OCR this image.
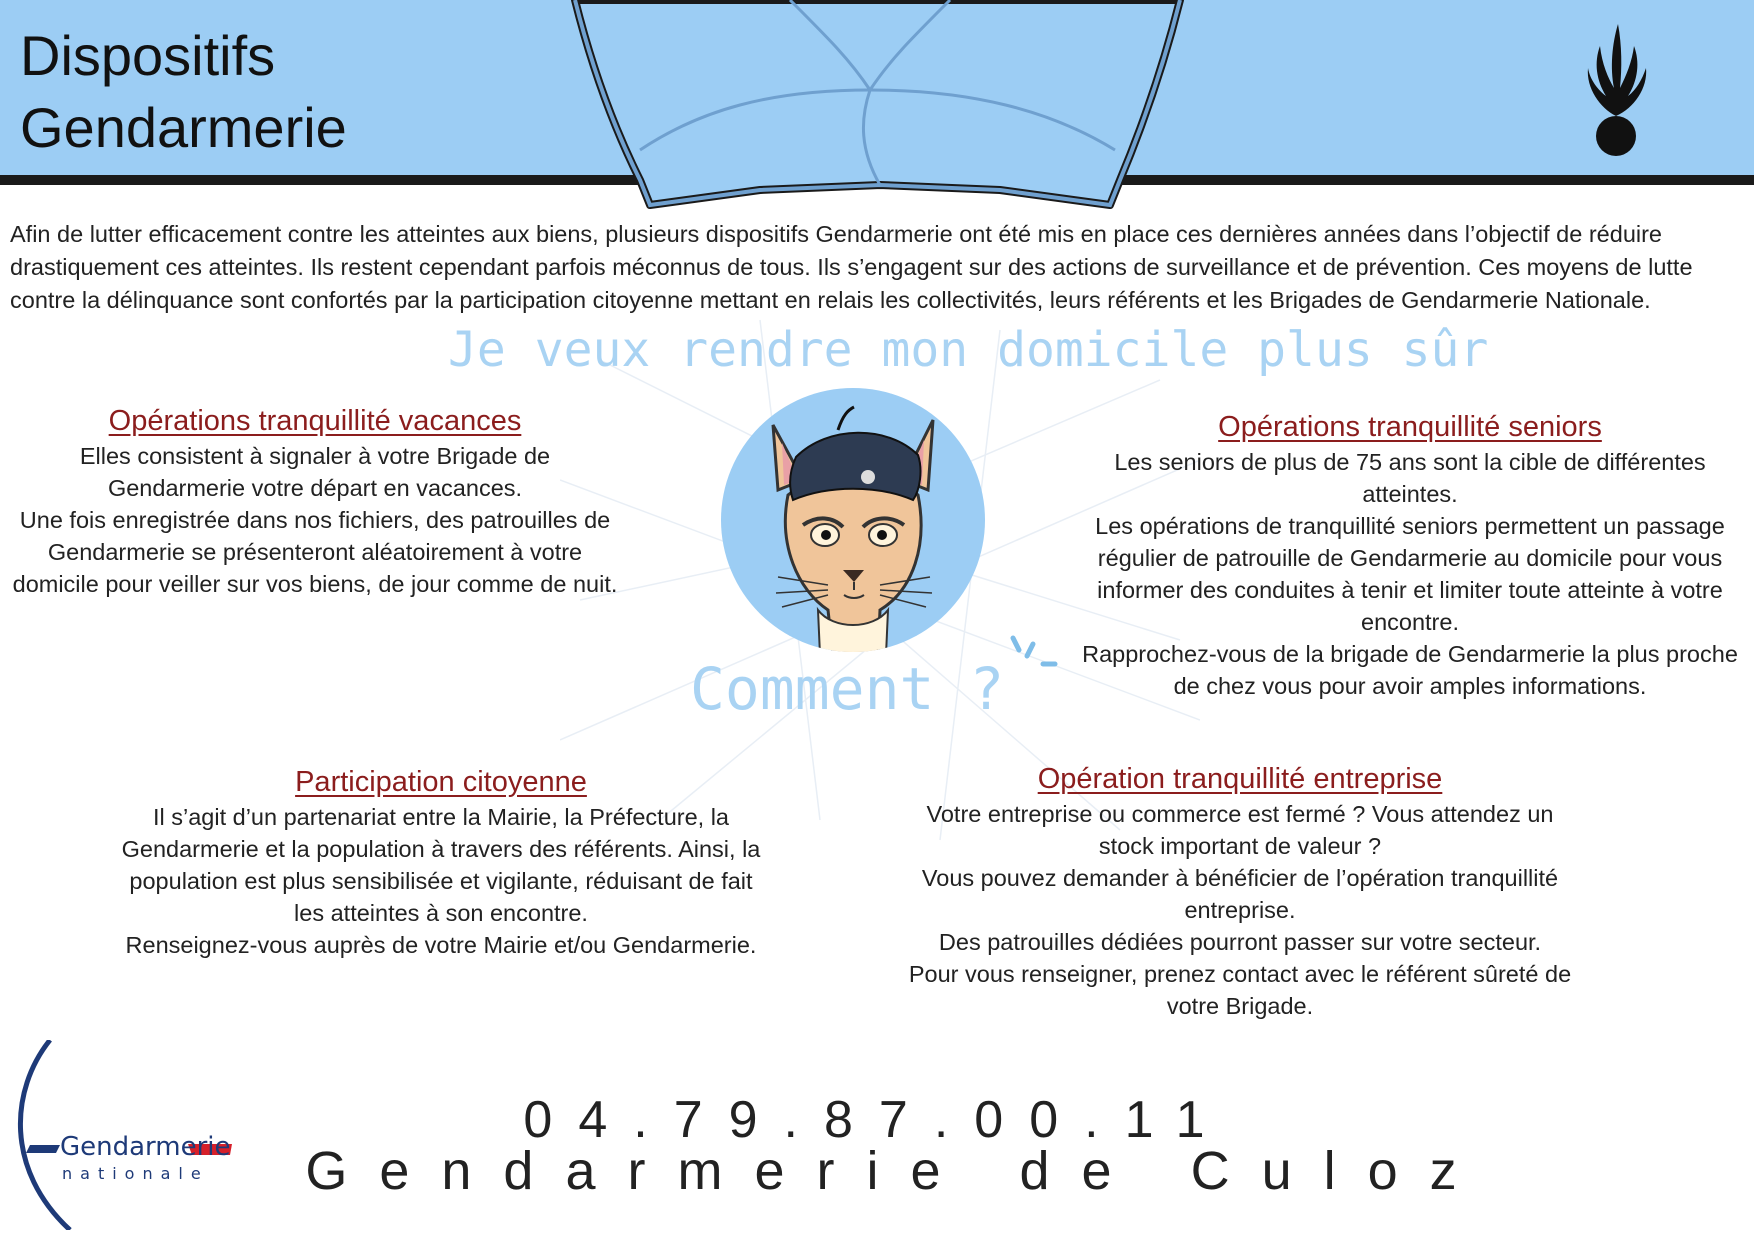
Dispositifs
Gendarmerie
Afin de lutter efficacement contre les atteintes aux biens, plusieurs dispositifs Gendarmerie ont été mis en place ces dernières années dans l’objectif de réduire drastiquement ces atteintes. Ils restent cependant parfois méconnus de tous. Ils s’engagent sur des actions de surveillance et de prévention. Ces moyens de lutte contre la délinquance sont confortés par la participation citoyenne mettant en relais les collectivités, leurs référents et les Brigades de Gendarmerie Nationale.
Je veux rendre mon domicile plus sûr
Comment ?
Opérations tranquillité vacances

Elles consistent à signaler à votre Brigade de Gendarmerie votre départ en vacances.

Une fois enregistrée dans nos fichiers, des patrouilles de Gendarmerie se présenteront aléatoirement à votre domicile pour veiller sur vos biens, de jour comme de nuit.

Opérations tranquillité seniors

Les seniors de plus de 75 ans sont la cible de différentes atteintes.

Les opérations de tranquillité seniors permettent un passage régulier de patrouille de Gendarmerie au domicile pour vous informer des conduites à tenir et limiter toute atteinte à votre encontre.

Rapprochez-vous de la brigade de Gendarmerie la plus proche de chez vous pour avoir amples informations.

Participation citoyenne

Il s’agit d’un partenariat entre la Mairie, la Préfecture, la Gendarmerie et la population à travers des référents. Ainsi, la population est plus sensibilisée et vigilante, réduisant de fait les atteintes à son encontre.

Renseignez-vous auprès de votre Mairie et/ou Gendarmerie.

Opération tranquillité entreprise

Votre entreprise ou commerce est fermé ? Vous attendez un stock important de valeur ?

Vous pouvez demander à bénéficier de l’opération tranquillité entreprise.

Des patrouilles dédiées pourront passer sur votre secteur.

Pour vous renseigner, prenez contact avec le référent sûreté de votre Brigade.

Gendarmerie
nationale
04.79.87.00.11
Gendarmerie de Culoz
